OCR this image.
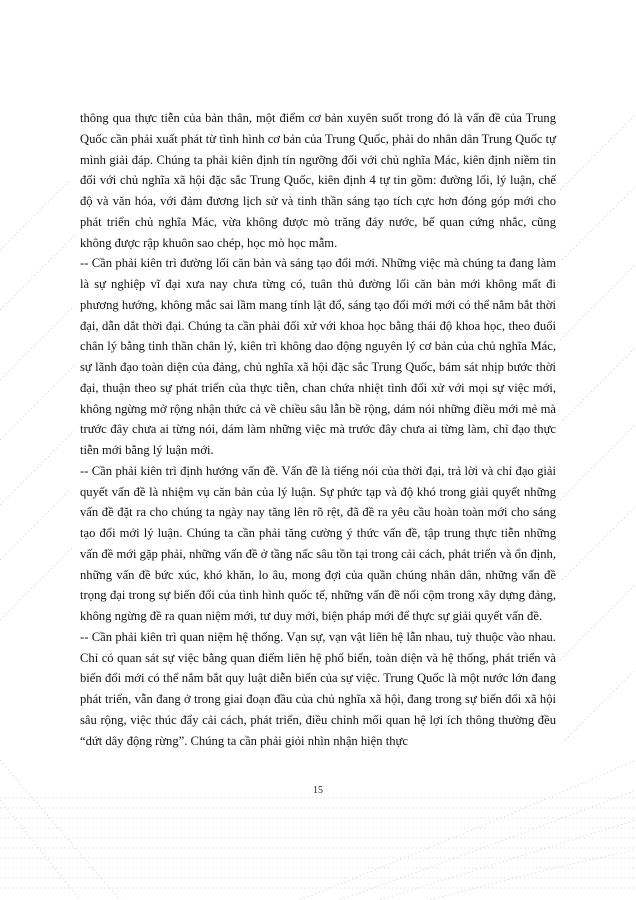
thông qua thực tiễn của bản thân, một điểm cơ bản xuyên suốt trong đó là vấn đề của Trung Quốc cần phải xuất phát từ tình hình cơ bản của Trung Quốc, phải do nhân dân Trung Quốc tự mình giải đáp. Chúng ta phải kiên định tín ngưỡng đối với chủ nghĩa Mác, kiên định niềm tin đối với chủ nghĩa xã hội đặc sắc Trung Quốc, kiên định 4 tự tin gồm: đường lối, lý luận, chế độ và văn hóa, với đảm đương lịch sử và tinh thần sáng tạo tích cực hơn đóng góp mới cho phát triển chủ nghĩa Mác, vừa không được mò trăng đáy nước, bế quan cứng nhắc, cũng không được rập khuôn sao chép, học mò học mẫm.

-- Cần phải kiên trì đường lối căn bản và sáng tạo đổi mới. Những việc mà chúng ta đang làm là sự nghiệp vĩ đại xưa nay chưa từng có, tuân thủ đường lối căn bản mới không mất đi phương hướng, không mắc sai lầm mang tính lật đổ, sáng tạo đổi mới mới có thể nắm bắt thời đại, dẫn dắt thời đại. Chúng ta cần phải đối xử với khoa học bằng thái độ khoa học, theo đuổi chân lý bằng tinh thần chân lý, kiên trì không dao động nguyên lý cơ bản của chủ nghĩa Mác, sự lãnh đạo toàn diện của đảng, chủ nghĩa xã hội đặc sắc Trung Quốc, bám sát nhịp bước thời đại, thuận theo sự phát triển của thực tiễn, chan chứa nhiệt tình đối xử với mọi sự việc mới, không ngừng mở rộng nhận thức cả về chiều sâu lẫn bề rộng, dám nói những điều mới mẻ mà trước đây chưa ai từng nói, dám làm những việc mà trước đây chưa ai từng làm, chỉ đạo thực tiễn mới bằng lý luận mới.

-- Cần phải kiên trì định hướng vấn đề. Vấn đề là tiếng nói của thời đại, trả lời và chỉ đạo giải quyết vấn đề là nhiệm vụ căn bản của lý luận. Sự phức tạp và độ khó trong giải quyết những vấn đề đặt ra cho chúng ta ngày nay tăng lên rõ rệt, đã đề ra yêu cầu hoàn toàn mới cho sáng tạo đổi mới lý luận. Chúng ta cần phải tăng cường ý thức vấn đề, tập trung thực tiễn những vấn đề mới gặp phải, những vấn đề ở tầng nấc sâu tồn tại trong cải cách, phát triển và ổn định, những vấn đề bức xúc, khó khăn, lo âu, mong đợi của quần chúng nhân dân, những vấn đề trọng đại trong sự biến đổi của tình hình quốc tế, những vấn đề nổi cộm trong xây dựng đảng, không ngừng đề ra quan niệm mới, tư duy mới, biện pháp mới để thực sự giải quyết vấn đề.

-- Cần phải kiên trì quan niệm hệ thống. Vạn sự, vạn vật liên hệ lẫn nhau, tuỳ thuộc vào nhau. Chỉ có quan sát sự việc bằng quan điểm liên hệ phổ biến, toàn diện và hệ thống, phát triển và biến đổi mới có thể nắm bắt quy luật diễn biến của sự việc. Trung Quốc là một nước lớn đang phát triển, vẫn đang ở trong giai đoạn đầu của chủ nghĩa xã hội, đang trong sự biến đổi xã hội sâu rộng, việc thúc đẩy cải cách, phát triển, điều chỉnh mối quan hệ lợi ích thông thường đều “dứt dây động rừng”. Chúng ta cần phải giỏi nhìn nhận hiện thực

15
